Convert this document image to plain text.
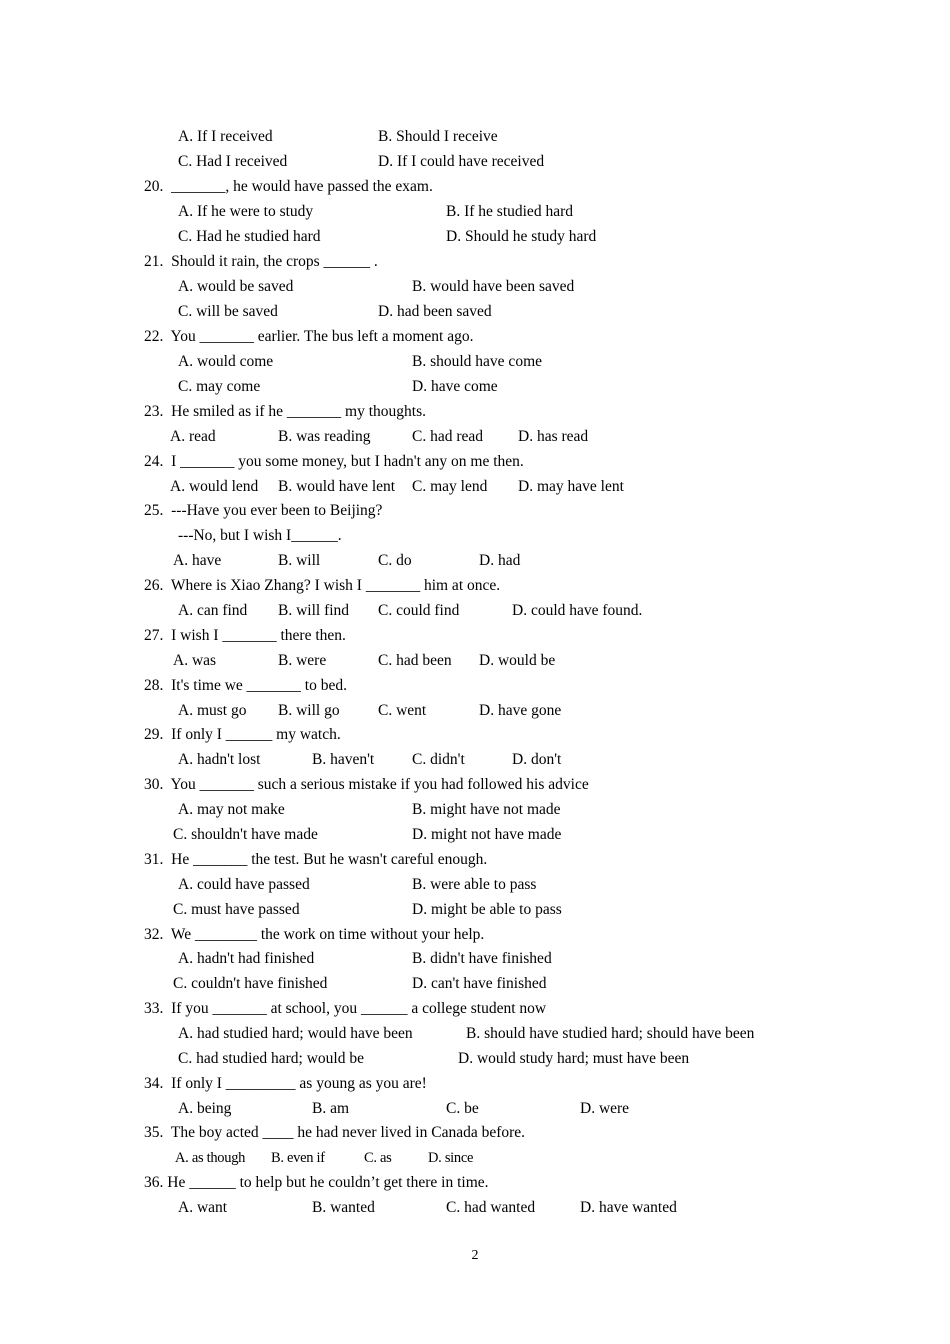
A. If I received	B. Should I receive
C. Had I received	D. If I could have received
20.  _______, he would have passed the exam.
A. If he were to study	B. If he studied hard
C. Had he studied hard	D. Should he study hard
21.  Should it rain, the crops ______ .
A. would be saved	B. would have been saved
C. will be saved	D. had been saved
22.  You _______ earlier. The bus left a moment ago.
A. would come	B. should have come
C. may come	D. have come
23.  He smiled as if he _______ my thoughts.
A. read	B. was reading	C. had read D. has read
24.  I _______ you some money, but I hadn't any on me then.
A. would lend B. would have lent C. may lend D. may have lent
25.  ---Have you ever been to Beijing?
---No, but I wish I______.
A. have	B. will	C. do	D. had
26.  Where is Xiao Zhang? I wish I _______ him at once.
A. can find B. will find C. could find	D. could have found.
27.  I wish I _______ there then.
A. was	B. were	C. had been D. would be
28.  It's time we _______ to bed.
A. must go B. will go C. went	D. have gone
29.  If only I ______ my watch.
A. hadn't lost	B. haven't C. didn't	D. don't
30.  You _______ such a serious mistake if you had followed his advice
A. may not make	B. might have not made
C. shouldn't have made	D. might not have made
31.  He _______ the test. But he wasn't careful enough.
A. could have passed	B. were able to pass
C. must have passed	D. might be able to pass
32.  We ________ the work on time without your help.
A. hadn't had finished	B. didn't have finished
C. couldn't have finished	D. can't have finished
33.  If you _______ at school, you ______ a college student now
A. had studied hard; would have been	B. should have studied hard; should have been
C. had studied hard; would be	D. would study hard; must have been
34.  If only I _________ as young as you are!
A. being	B. am	C. be	D. were
35.  The boy acted ____ he had never lived in Canada before.
A. as though B. even if	C. as	D. since
36. He ______ to help but he couldn’t get there in time.
A. want	B. wanted	C. had wanted	D. have wanted
2
